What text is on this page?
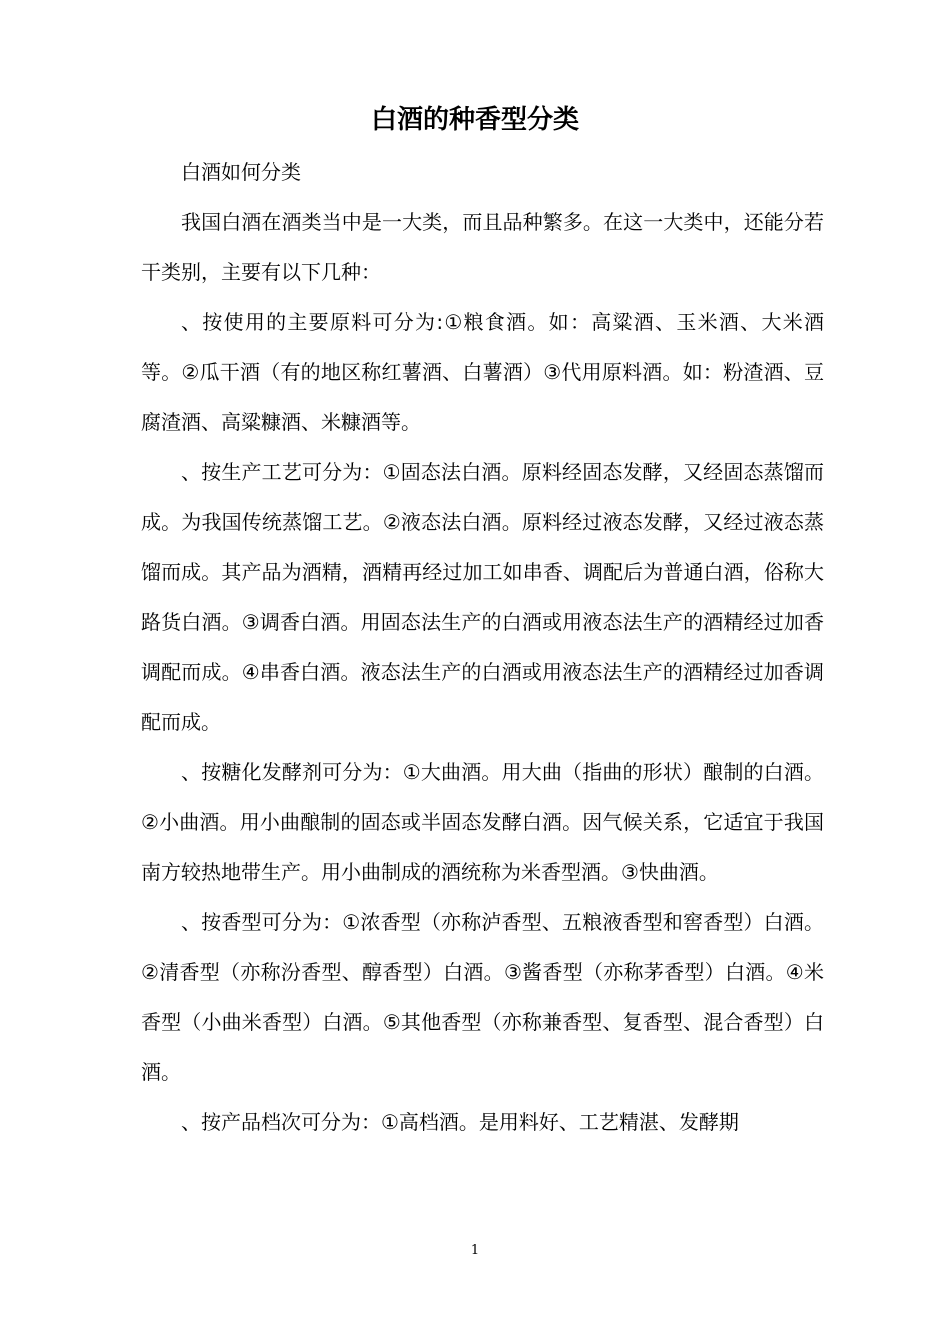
白酒的种香型分类

白酒如何分类

我国白酒在酒类当中是一大类，而且品种繁多。在这一大类中，还能分若干类别，主要有以下几种：

、按使用的主要原料可分为:①粮食酒。如：高粱酒、玉米酒、大米酒等。②瓜干酒（有的地区称红薯酒、白薯酒）③代用原料酒。如：粉渣酒、豆腐渣酒、高粱糠酒、米糠酒等。

、按生产工艺可分为：①固态法白酒。原料经固态发酵，又经固态蒸馏而成。为我国传统蒸馏工艺。②液态法白酒。原料经过液态发酵，又经过液态蒸馏而成。其产品为酒精，酒精再经过加工如串香、调配后为普通白酒，俗称大路货白酒。③调香白酒。用固态法生产的白酒或用液态法生产的酒精经过加香调配而成。④串香白酒。液态法生产的白酒或用液态法生产的酒精经过加香调配而成。

、按糖化发酵剂可分为：①大曲酒。用大曲（指曲的形状）酿制的白酒。②小曲酒。用小曲酿制的固态或半固态发酵白酒。因气候关系，它适宜于我国南方较热地带生产。用小曲制成的酒统称为米香型酒。③快曲酒。

、按香型可分为：①浓香型（亦称泸香型、五粮液香型和窖香型）白酒。②清香型（亦称汾香型、醇香型）白酒。③酱香型（亦称茅香型）白酒。④米香型（小曲米香型）白酒。⑤其他香型（亦称兼香型、复香型、混合香型）白酒。

、按产品档次可分为：①高档酒。是用料好、工艺精湛、发酵期

1
